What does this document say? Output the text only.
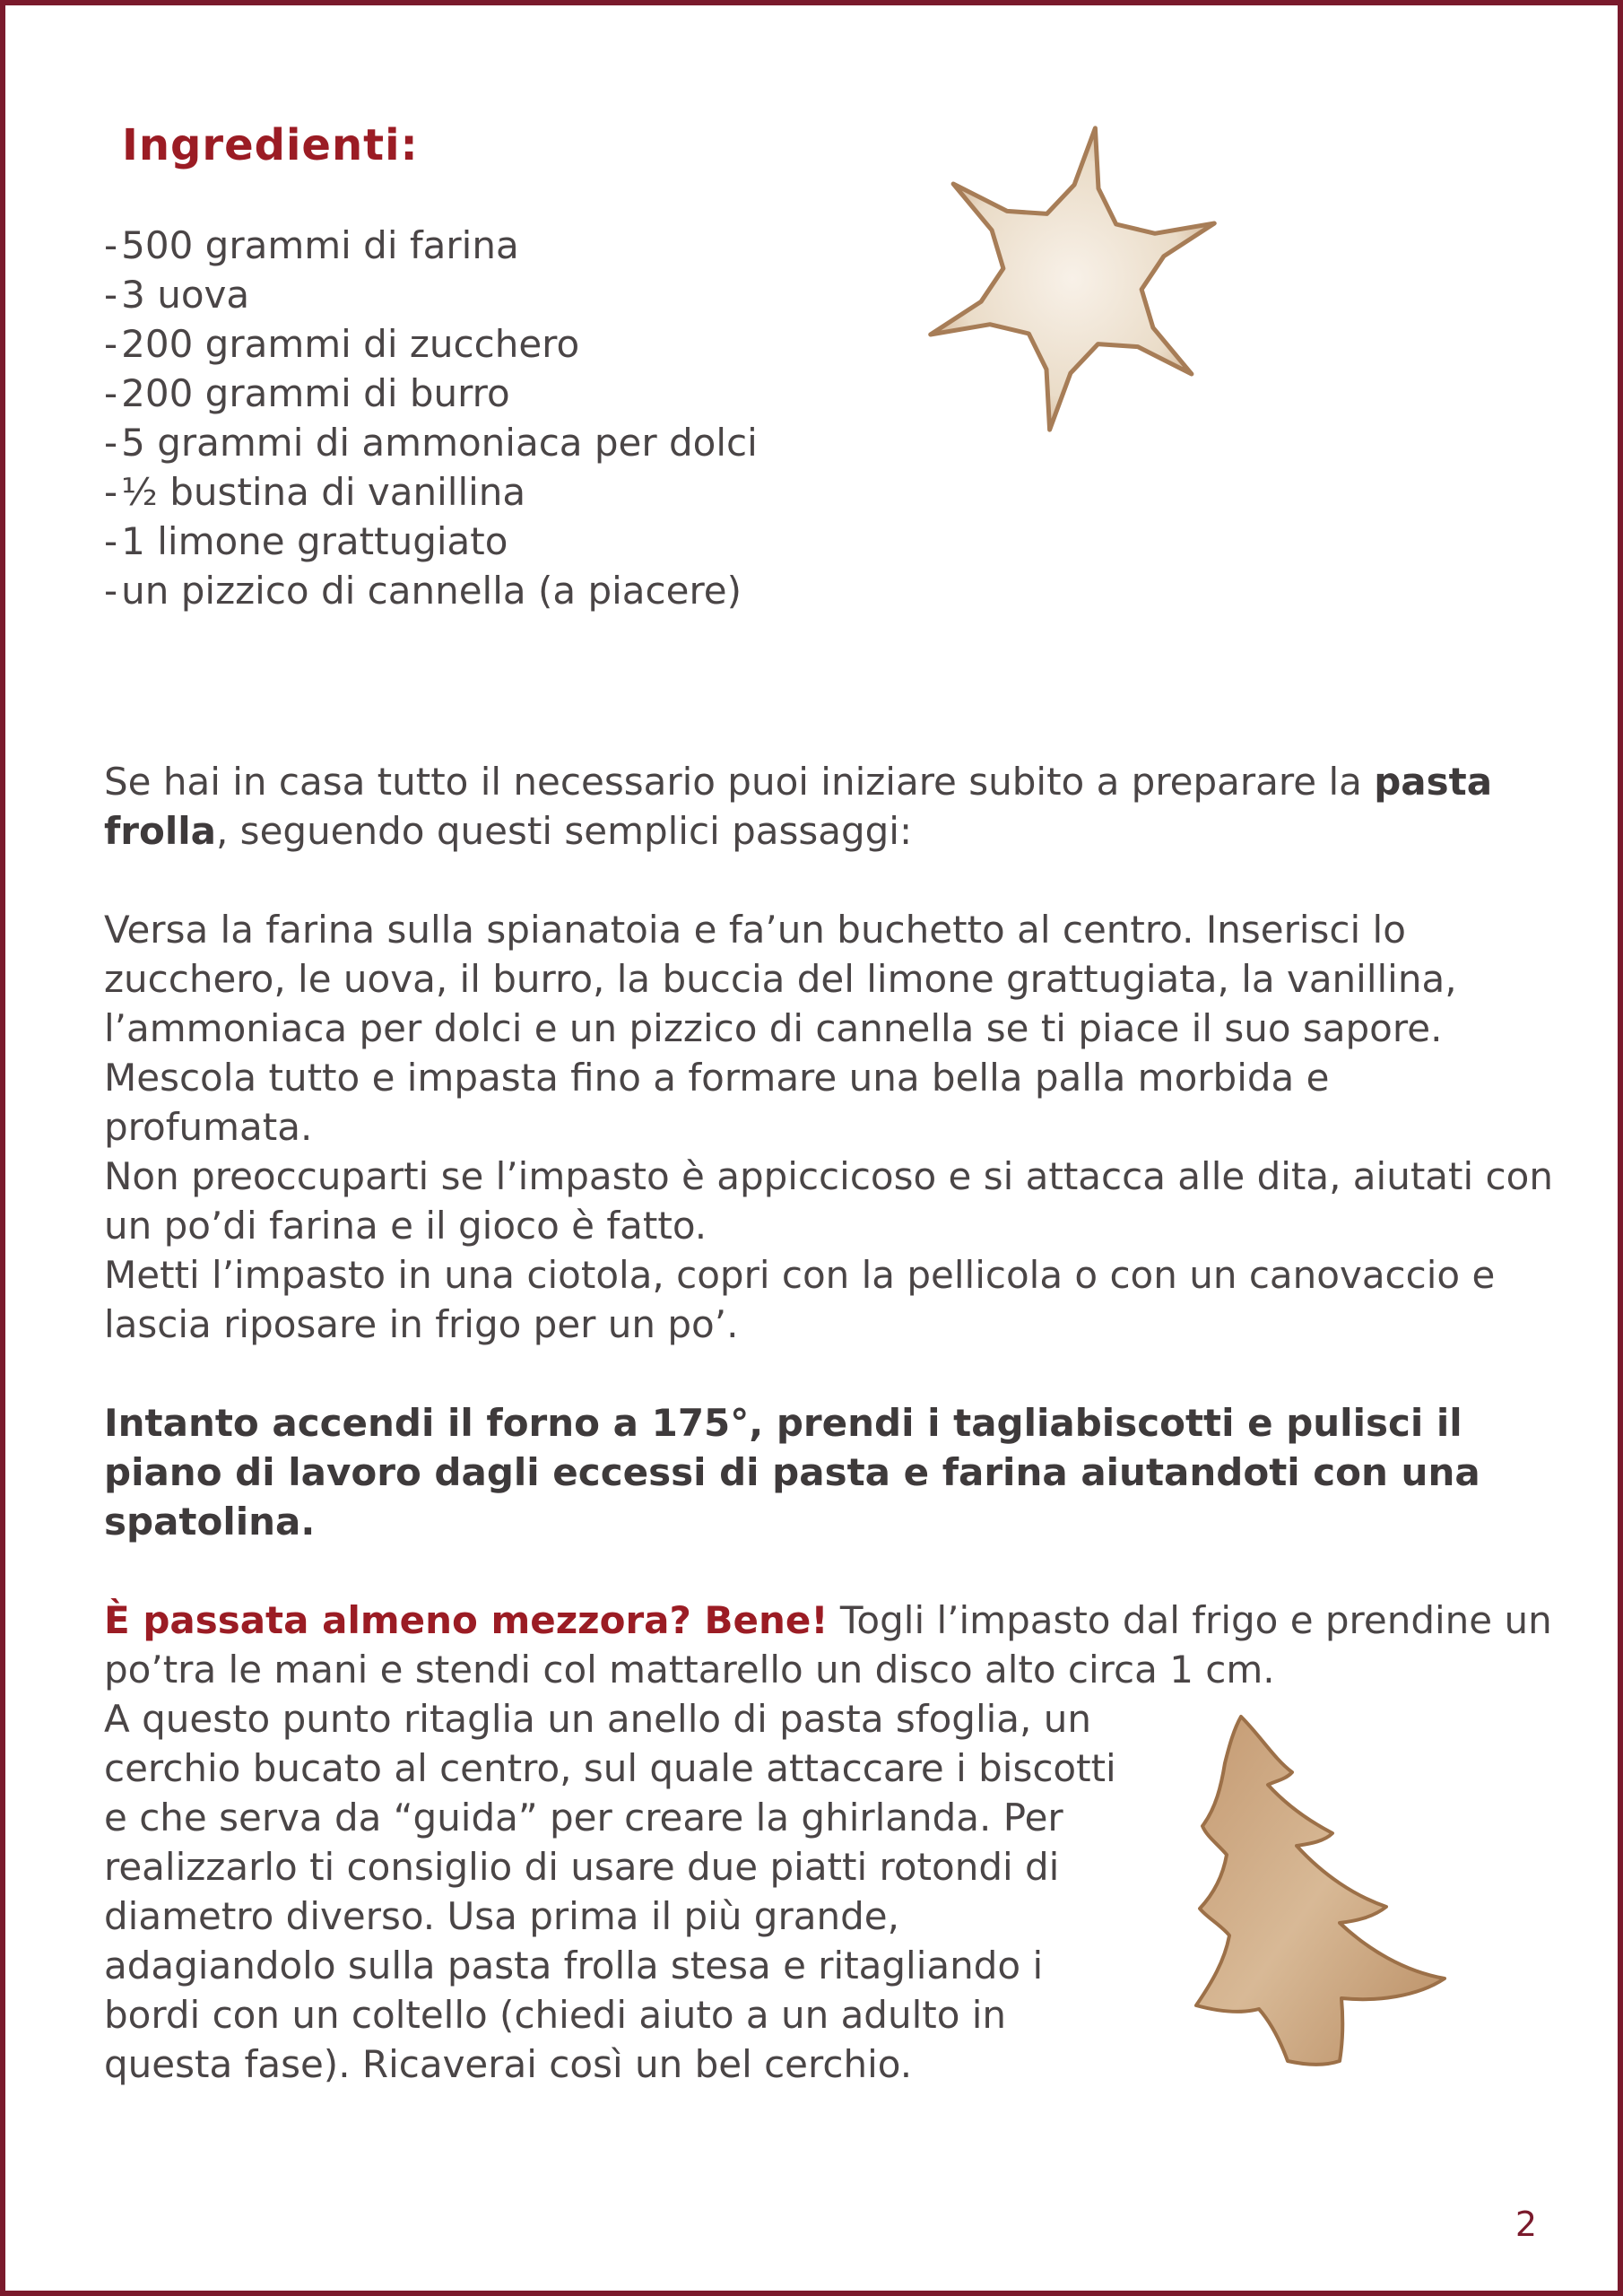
Ingredienti:
-500 grammi di farina
-3 uova
-200 grammi di zucchero
-200 grammi di burro
-5 grammi di ammoniaca per dolci
-½ bustina di vanillina
-1 limone grattugiato
-un pizzico di cannella (a piacere)

Se hai in casa tutto il necessario puoi iniziare subito a preparare la pasta frolla, seguendo questi semplici passaggi:

Versa la farina sulla spianatoia e fa’un buchetto al centro. Inserisci lo zucchero, le uova, il burro, la buccia del limone grattugiata, la vanillina, l’ammoniaca per dolci e un pizzico di cannella se ti piace il suo sapore.

Mescola tutto e impasta fino a formare una bella palla morbida e profumata.

Non preoccuparti se l’impasto è appiccicoso e si attacca alle dita, aiutati con un po’di farina e il gioco è fatto.

Metti l’impasto in una ciotola, copri con la pellicola o con un canovaccio e lascia riposare in frigo per un po’.

Intanto accendi il forno a 175°, prendi i tagliabiscotti e pulisci il piano di lavoro dagli eccessi di pasta e farina aiutandoti con una spatolina.

È passata almeno mezzora? Bene! Togli l’impasto dal frigo e prendine un po’tra le mani e stendi col mattarello un disco alto circa 1 cm.

A questo punto ritaglia un anello di pasta sfoglia, un cerchio bucato al centro, sul quale attaccare i biscotti e che serva da “guida” per creare la ghirlanda. Per realizzarlo ti consiglio di usare due piatti rotondi di diametro diverso. Usa prima il più grande, adagiandolo sulla pasta frolla stesa e ritagliando i bordi con un coltello (chiedi aiuto a un adulto in questa fase). Ricaverai così un bel cerchio.

2
